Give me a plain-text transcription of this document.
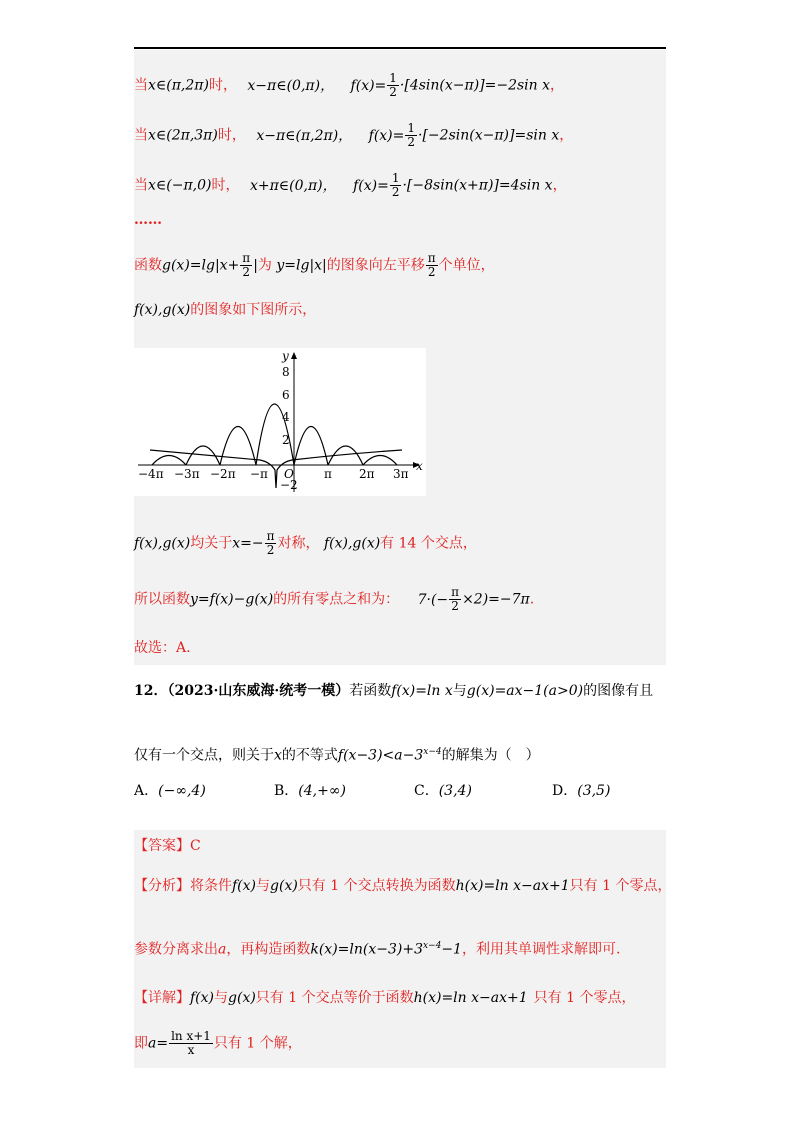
当x∈(π,2π)时， x−π∈(0,π)， $f(x)= \frac{1}{2} \cdot[4\sin(x-\pi)]=-2\sin$ x，
当x∈(2π,3π)时， x−π∈(π,2π)， $f(x)= \frac{1}{2} \cdot[-2\sin(x-\pi)]=\sin$ x，
当x∈(−π,0)时， x+π∈(0,π)， $f(x)= \frac{1}{2} \cdot[-8\sin(x+\pi)]=4\sin$ x，
……
函数$g(x)=\lg|x+ \frac{\pi}{2}$ |为 y=lg|x|的图象向左平移 $\frac{\pi}{2}$ 个单位，
f(x),g(x)的图象如下图所示，
y
x
O
8
6
4
2
−2
−4π −3π −2π −π	π 2π 3π
f(x),g(x)均关于$x=- \frac{\pi}{2}$ 对称， f(x),g(x)有 14 个交点，
所以函数y=f(x)−g(x)的所有零点之和为： $7\cdot(- \frac{\pi}{2} \times 2)=-7\pi$.
故选：A.
12．（2023·山东威海·统考一模）若函数f(x)=ln x与g(x)=ax−1(a>0)的图像有且
仅有一个交点，则关于x的不等式$f(x-3)<a-3^{x-4}$的解集为（　）
A．(−∞,4)	B．(4,+∞)	C．(3,4)	D．(3,5)
【答案】C
【分析】将条件f(x)与g(x)只有 1 个交点转换为函数h(x)=ln x−ax+1只有 1 个零点，
参数分离求出a，再构造函数$k(x)=\ln(x-3)+3^{x-4}-1$，利用其单调性求解即可.
【详解】f(x)与g(x)只有 1 个交点等价于函数h(x)=ln x−ax+1 只有 1 个零点，
即$a= \frac{\text{ln x+1}}{x}$ 只有 1 个解，
